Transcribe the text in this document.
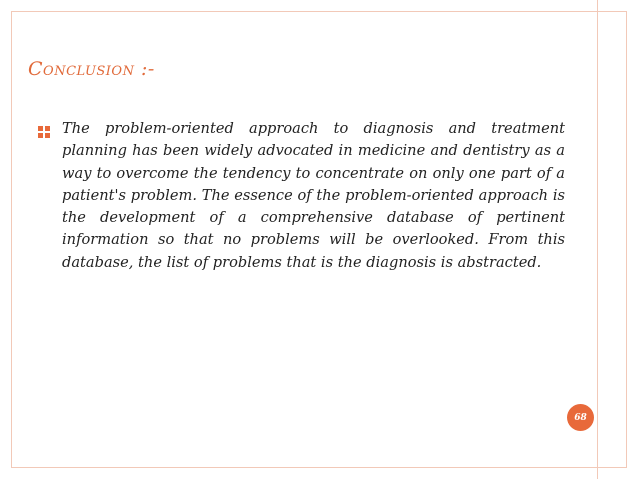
Conclusion :-

The problem-oriented approach to diagnosis and treatment planning has been widely advocated in medicine and dentistry as a way to overcome the tendency to concentrate on only one part of a patient's problem. The essence of the problem-oriented approach is the development of a comprehensive database of pertinent information so that no problems will be overlooked. From this database, the list of problems that is the diagnosis is abstracted.

68
